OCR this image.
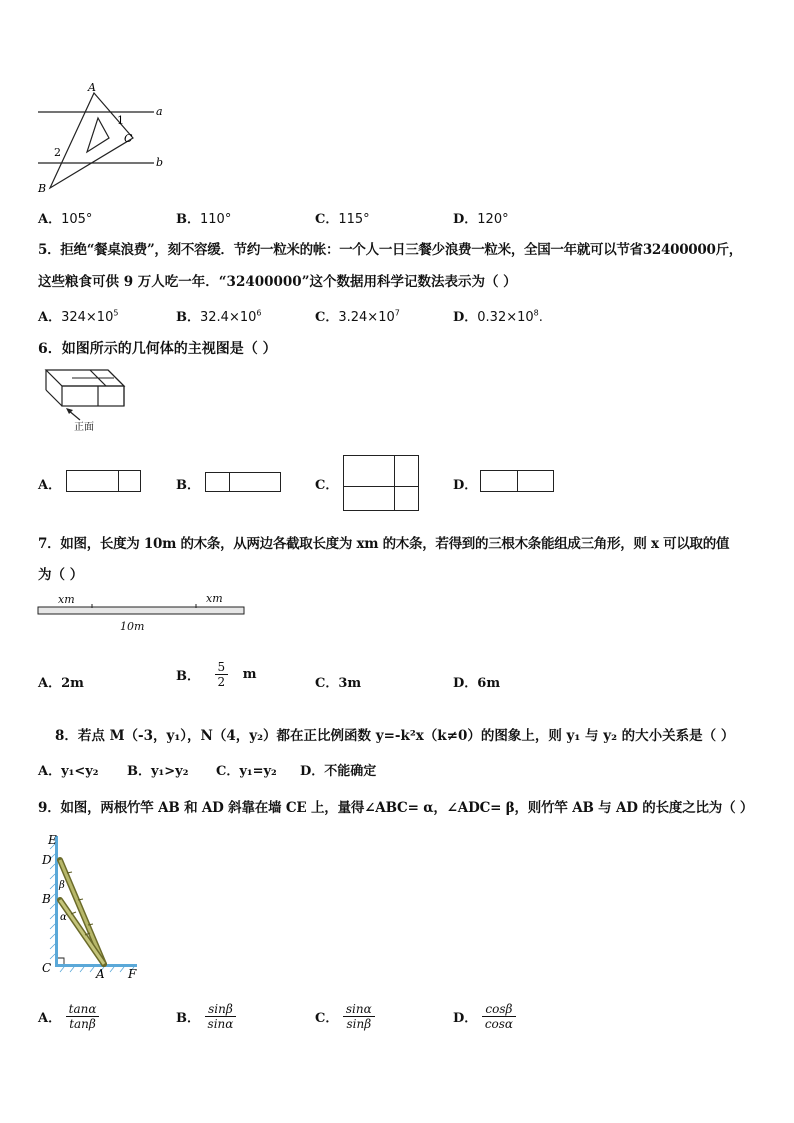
A
1
C
2
B
a
b
A．105°	B．110°	C．115°	D．120°
5．拒绝“餐桌浪费”，刻不容缓．节约一粒米的帐：一个人一日三餐少浪费一粒米，全国一年就可以节省32400000斤，
这些粮食可供 9 万人吃一年．“32400000”这个数据用科学记数法表示为（ ）
A．$324\times 10^5$	B．$32.4\times 10^6$	C．$3.24\times 10^7$	D．$0.32\times 10^8$.
6．如图所示的几何体的主视图是（ ）
正面
A．	B．	C．	D．
7．如图，长度为 10m 的木条，从两边各截取长度为 xm 的木条，若得到的三根木条能组成三角形，则 x 可以取的值
为（ ）
xm	xm
10m
A．2m	B． $\frac{5}{2}$ m
C．3m	D．6m
8．若点 M（-3，y₁），N（4，y₂）都在正比例函数 y=-k²x（k≠0）的图象上，则 y₁ 与 y₂ 的大小关系是（ ）
A．y₁<y₂ B．y₁>y₂ C．y₁=y₂ D．不能确定
9．如图，两根竹竿 AB 和 AD 斜靠在墙 CE 上，量得∠ABC= α，∠ADC= β，则竹竿 AB 与 AD 的长度之比为（ ）
E
D
β
B
α
C	A F
A． $\frac{\tan\alpha}{\tan\beta}$	B． $\frac{\sin\beta}{\sin\alpha}$	C． $\frac{\sin\alpha}{\sin\beta}$	D． $\frac{\cos\beta}{\cos\alpha}$
